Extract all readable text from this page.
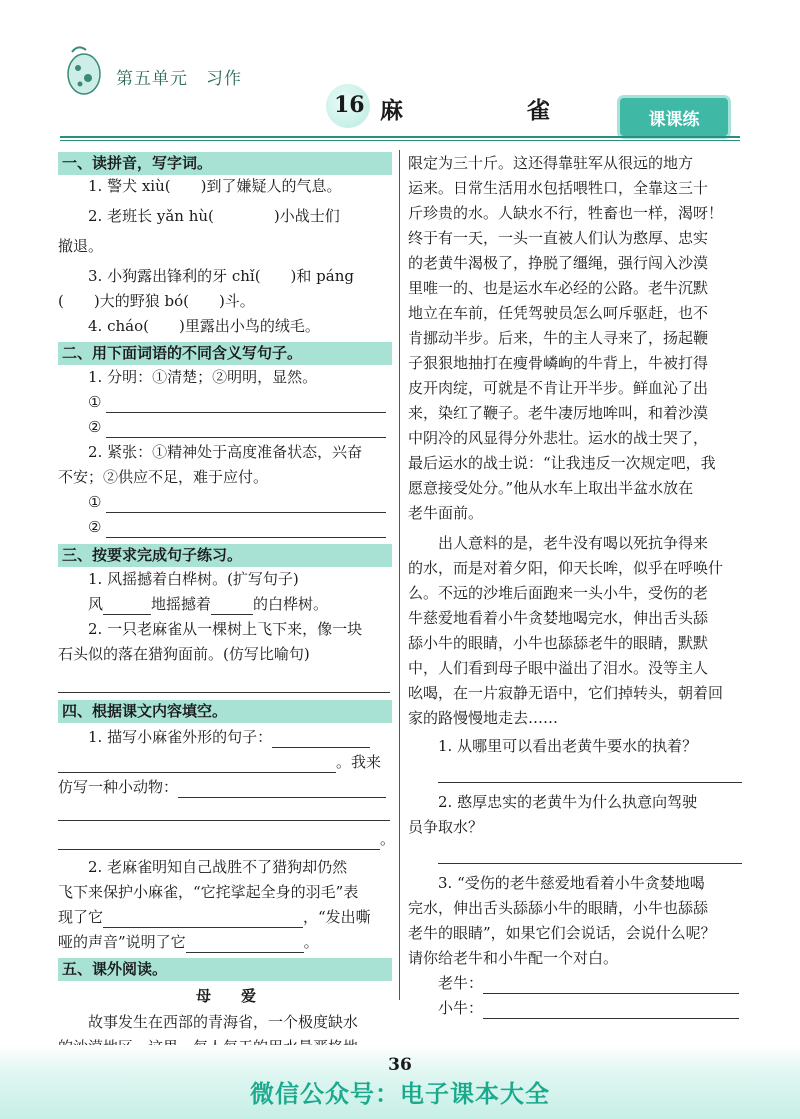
第五单元　习作
16 麻　　雀	课课练
一、读拼音，写字词。
1. 警犬 xiù(　　)到了嫌疑人的气息。
2. 老班长 yǎn hù(　　　　)小战士们
撤退。
3. 小狗露出锋利的牙 chǐ(　　)和 páng
(　　)大的野狼 bó(　　)斗。
4. cháo(　　)里露出小鸟的绒毛。
二、用下面词语的不同含义写句子。
1. 分明：①清楚；②明明，显然。
①
②
2. 紧张：①精神处于高度准备状态，兴奋
不安；②供应不足，难于应付。
①
②
三、按要求完成句子练习。
1. 风摇撼着白桦树。(扩写句子)
风	地摇撼着	的白桦树。
2. 一只老麻雀从一棵树上飞下来，像一块
石头似的落在猎狗面前。(仿写比喻句)
四、根据课文内容填空。
1. 描写小麻雀外形的句子：
。我来
仿写一种小动物：
。
2. 老麻雀明知自己战胜不了猎狗却仍然
飞下来保护小麻雀，“它挓挲起全身的羽毛”表
现了它	，“发出嘶
哑的声音”说明了它	。
五、课外阅读。
母　　爱
故事发生在西部的青海省，一个极度缺水
限定为三十斤。这还得靠驻军从很远的地方
运来。日常生活用水包括喂牲口，全靠这三十
斤珍贵的水。人缺水不行，牲畜也一样，渴呀！
终于有一天，一头一直被人们认为憨厚、忠实
的老黄牛渴极了，挣脱了缰绳，强行闯入沙漠
里唯一的、也是运水车必经的公路。老牛沉默
地立在车前，任凭驾驶员怎么呵斥驱赶，也不
肯挪动半步。后来，牛的主人寻来了，扬起鞭
子狠狠地抽打在瘦骨嶙峋的牛背上，牛被打得
皮开肉绽，可就是不肯让开半步。鲜血沁了出
来，染红了鞭子。老牛凄厉地哞叫，和着沙漠
中阴冷的风显得分外悲壮。运水的战士哭了，
最后运水的战士说：“让我违反一次规定吧，我
愿意接受处分。”他从水车上取出半盆水放在
老牛面前。
出人意料的是，老牛没有喝以死抗争得来
的水，而是对着夕阳，仰天长哞，似乎在呼唤什
么。不远的沙堆后面跑来一头小牛，受伤的老
牛慈爱地看着小牛贪婪地喝完水，伸出舌头舔
舔小牛的眼睛，小牛也舔舔老牛的眼睛，默默
中，人们看到母子眼中溢出了泪水。没等主人
吆喝，在一片寂静无语中，它们掉转头，朝着回
家的路慢慢地走去……
1. 从哪里可以看出老黄牛要水的执着？
2. 憨厚忠实的老黄牛为什么执意向驾驶
员争取水？
3. “受伤的老牛慈爱地看着小牛贪婪地喝
完水，伸出舌头舔舔小牛的眼睛，小牛也舔舔
老牛的眼睛”，如果它们会说话，会说什么呢？
请你给老牛和小牛配一个对白。
老牛：
小牛：
36
微信公众号：电子课本大全
